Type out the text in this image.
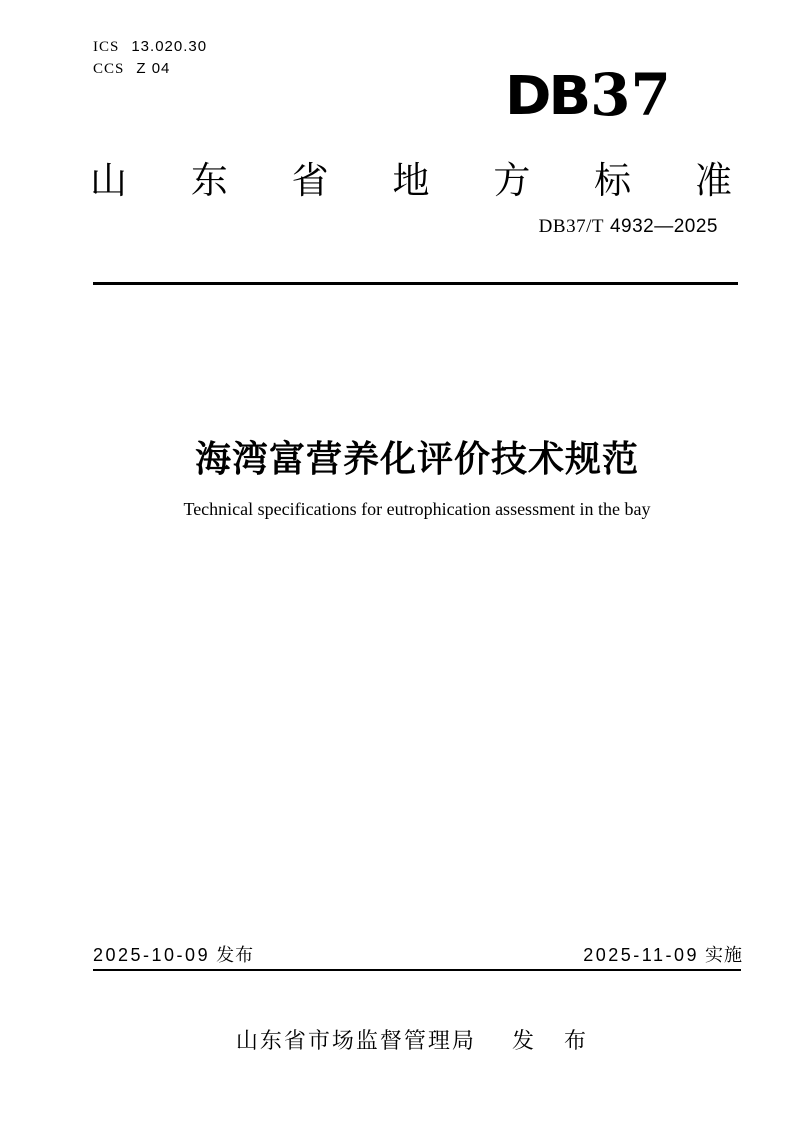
ICS 13.020.30
CCS Z 04	DB37
山 东 省 地 方 标 准
DB37/T 4932—2025
海湾富营养化评价技术规范
Technical specifications for eutrophication assessment in the bay
2025-10-09 发布	2025-11-09 实施
山东省市场监督管理局 发 布
